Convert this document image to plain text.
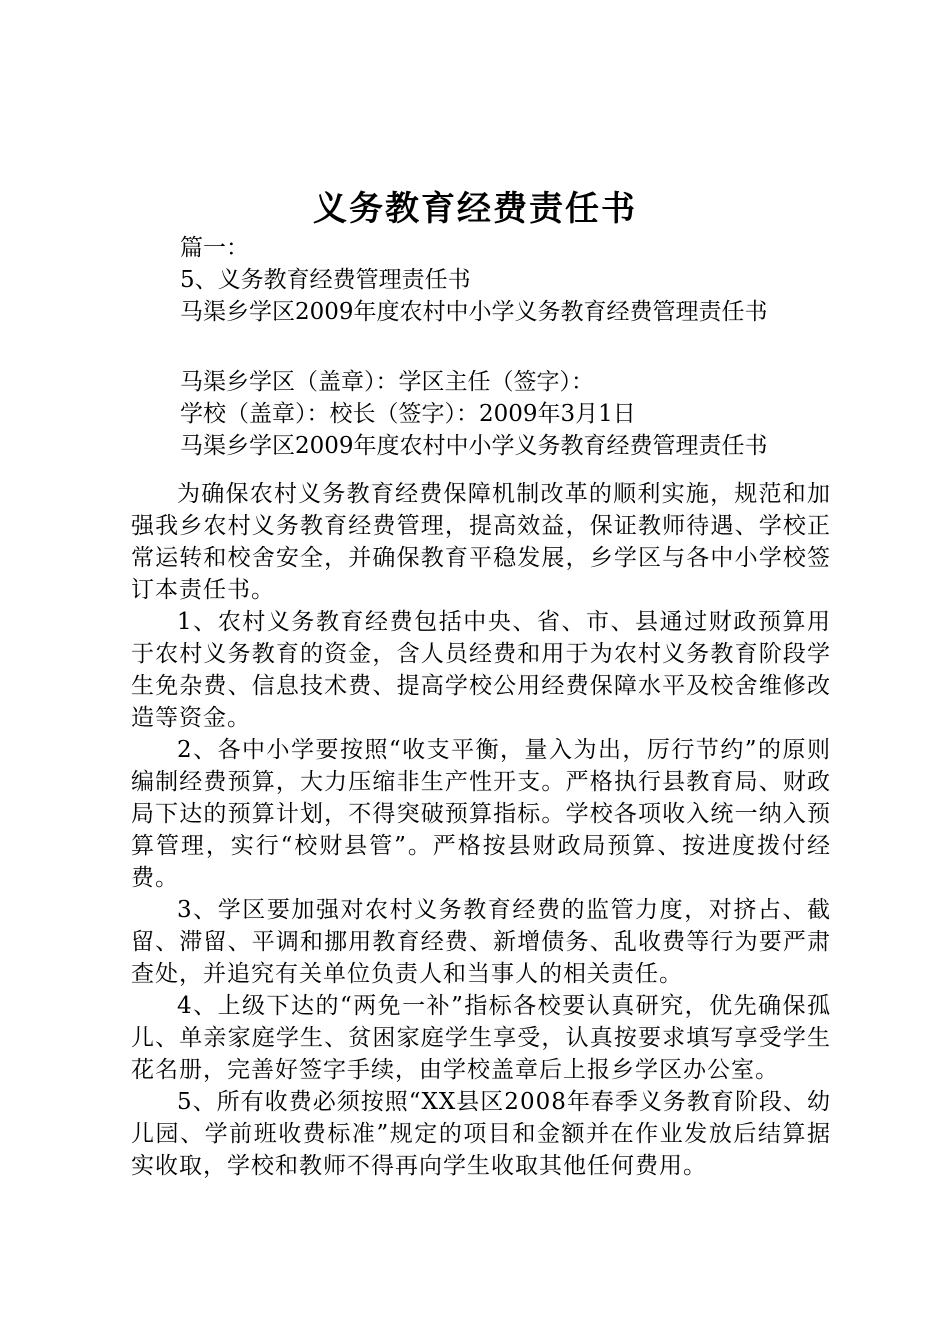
义务教育经费责任书
篇一：
5、义务教育经费管理责任书
马渠乡学区2009年度农村中小学义务教育经费管理责任书
马渠乡学区（盖章）：学区主任（签字）：
学校（盖章）：校长（签字）：2009年3月1日
马渠乡学区2009年度农村中小学义务教育经费管理责任书

为确保农村义务教育经费保障机制改革的顺利实施，规范和加强我乡农村义务教育经费管理，提高效益，保证教师待遇、学校正常运转和校舍安全，并确保教育平稳发展，乡学区与各中小学校签订本责任书。

1、农村义务教育经费包括中央、省、市、县通过财政预算用于农村义务教育的资金，含人员经费和用于为农村义务教育阶段学生免杂费、信息技术费、提高学校公用经费保障水平及校舍维修改造等资金。

2、各中小学要按照“收支平衡，量入为出，厉行节约”的原则编制经费预算，大力压缩非生产性开支。严格执行县教育局、财政局下达的预算计划，不得突破预算指标。学校各项收入统一纳入预算管理，实行“校财县管”。严格按县财政局预算、按进度拨付经费。

3、学区要加强对农村义务教育经费的监管力度，对挤占、截留、滞留、平调和挪用教育经费、新增债务、乱收费等行为要严肃查处，并追究有关单位负责人和当事人的相关责任。

4、上级下达的“两免一补”指标各校要认真研究，优先确保孤儿、单亲家庭学生、贫困家庭学生享受，认真按要求填写享受学生花名册，完善好签字手续，由学校盖章后上报乡学区办公室。

5、所有收费必须按照“XX县区2008年春季义务教育阶段、幼儿园、学前班收费标准”规定的项目和金额并在作业发放后结算据实收取，学校和教师不得再向学生收取其他任何费用。
